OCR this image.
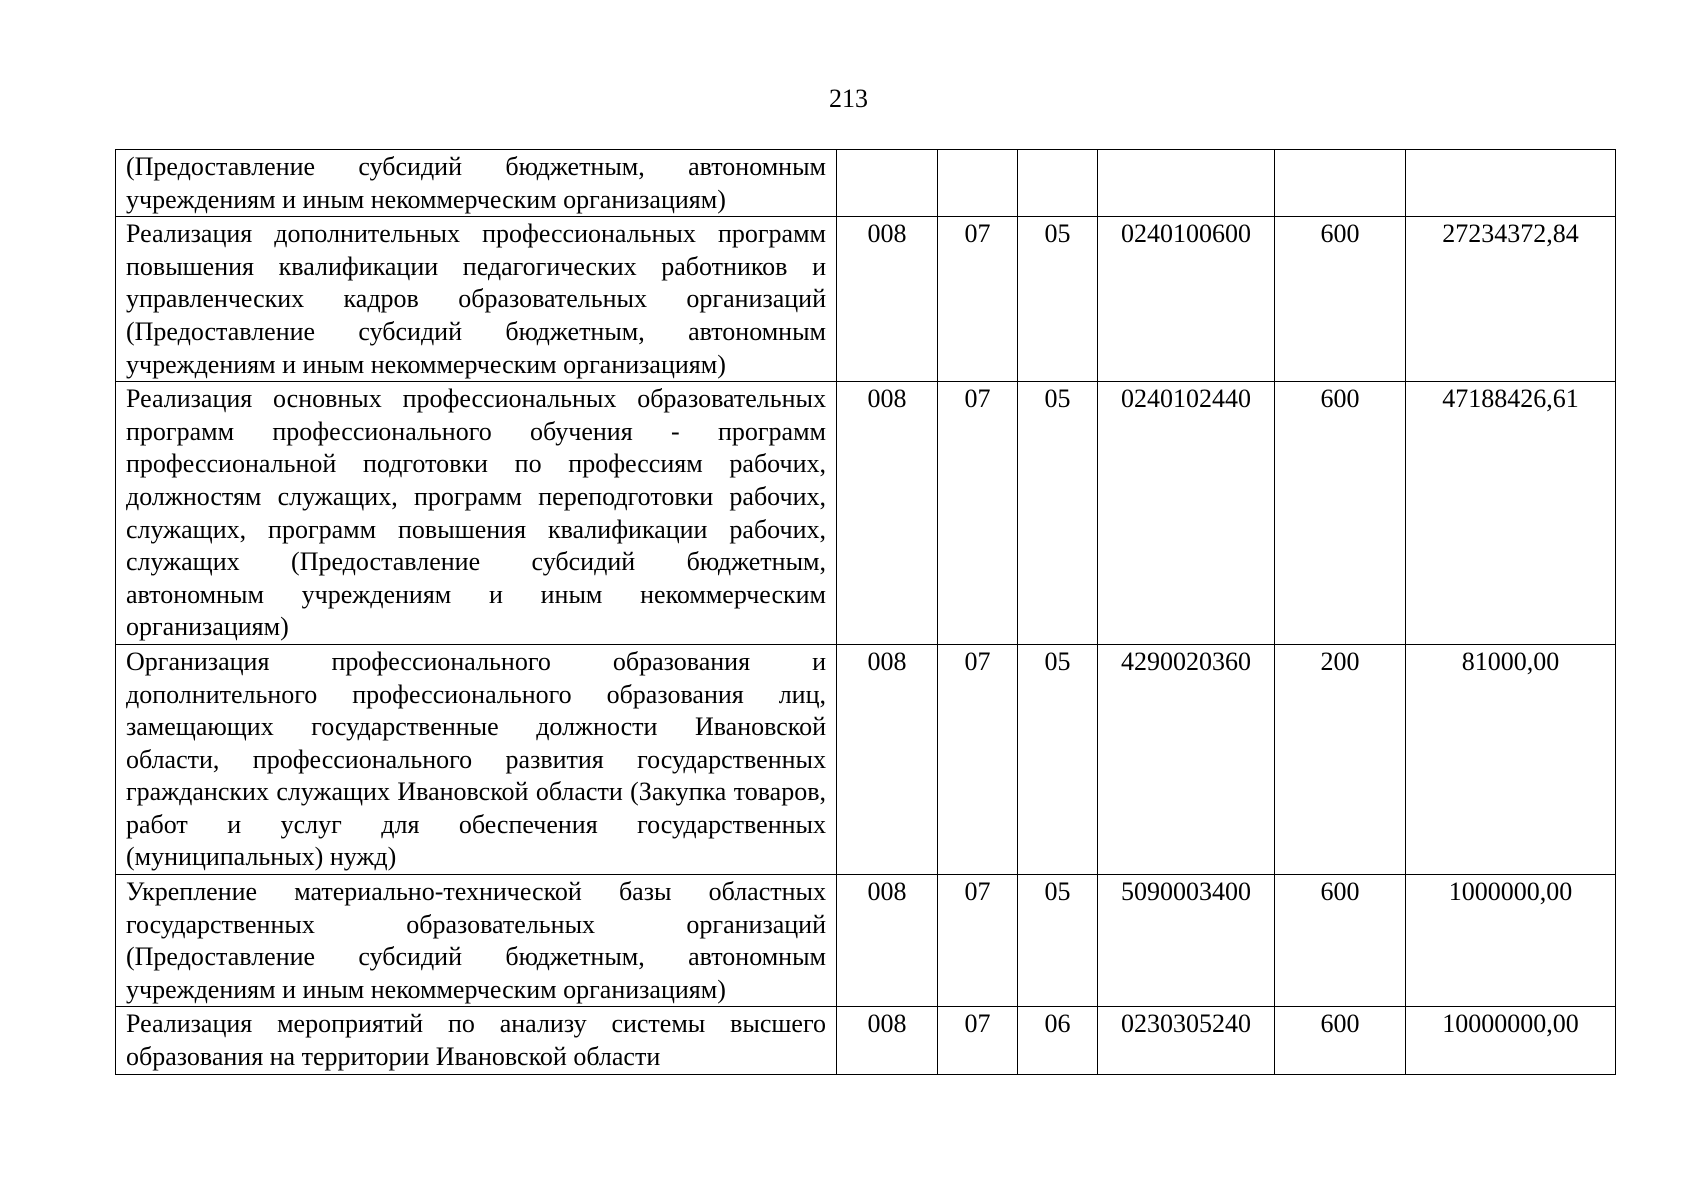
213
(Предоставление субсидий бюджетным, автономным учреждениям и иным некоммерческим организациям)						
Реализация дополнительных профессиональных программ повышения квалификации педагогических работников и управленческих кадров образовательных организаций (Предоставление субсидий бюджетным, автономным учреждениям и иным некоммерческим организациям)	008	07	05	0240100600	600	27234372,84
Реализация основных профессиональных образовательных программ профессионального обучения - программ профессиональной подготовки по профессиям рабочих, должностям служащих, программ переподготовки рабочих, служащих, программ повышения квалификации рабочих, служащих (Предоставление субсидий бюджетным, автономным учреждениям и иным некоммерческим организациям)	008	07	05	0240102440	600	47188426,61
Организация профессионального образования и дополнительного профессионального образования лиц, замещающих государственные должности Ивановской области, профессионального развития государственных гражданских служащих Ивановской области (Закупка товаров, работ и услуг для обеспечения государственных (муниципальных) нужд)	008	07	05	4290020360	200	81000,00
Укрепление материально-технической базы областных государственных образовательных организаций (Предоставление субсидий бюджетным, автономным учреждениям и иным некоммерческим организациям)	008	07	05	5090003400	600	1000000,00
Реализация мероприятий по анализу системы высшего образования на территории Ивановской области	008	07	06	0230305240	600	10000000,00
